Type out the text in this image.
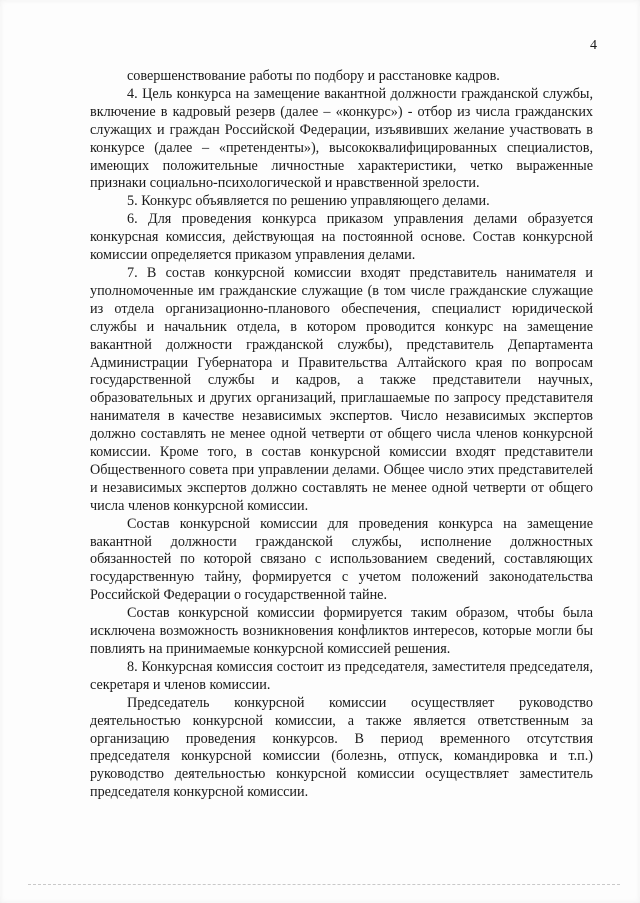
4

совершенствование работы по подбору и расстановке кадров.

4. Цель конкурса на замещение вакантной должности гражданской службы, включение в кадровый резерв (далее – «конкурс») - отбор из числа гражданских служащих и граждан Российской Федерации, изъявивших желание участвовать в конкурсе (далее – «претенденты»), высококвалифицированных специалистов, имеющих положительные личностные характеристики, четко выраженные признаки социально-психологической и нравственной зрелости.

5. Конкурс объявляется по решению управляющего делами.

6. Для проведения конкурса приказом управления делами образуется конкурсная комиссия, действующая на постоянной основе. Состав конкурсной комиссии определяется приказом управления делами.

7. В состав конкурсной комиссии входят представитель нанимателя и уполномоченные им гражданские служащие (в том числе гражданские служащие из отдела организационно-планового обеспечения, специалист юридической службы и начальник отдела, в котором проводится конкурс на замещение вакантной должности гражданской службы), представитель Департамента Администрации Губернатора и Правительства Алтайского края по вопросам государственной службы и кадров, а также представители научных, образовательных и других организаций, приглашаемые по запросу представителя нанимателя в качестве независимых экспертов. Число независимых экспертов должно составлять не менее одной четверти от общего числа членов конкурсной комиссии. Кроме того, в состав конкурсной комиссии входят представители Общественного совета при управлении делами. Общее число этих представителей и независимых экспертов должно составлять не менее одной четверти от общего числа членов конкурсной комиссии.

Состав конкурсной комиссии для проведения конкурса на замещение вакантной должности гражданской службы, исполнение должностных обязанностей по которой связано с использованием сведений, составляющих государственную тайну, формируется с учетом положений законодательства Российской Федерации о государственной тайне.

Состав конкурсной комиссии формируется таким образом, чтобы была исключена возможность возникновения конфликтов интересов, которые могли бы повлиять на принимаемые конкурсной комиссией решения.

8. Конкурсная комиссия состоит из председателя, заместителя председателя, секретаря и членов комиссии.

Председатель конкурсной комиссии осуществляет руководство деятельностью конкурсной комиссии, а также является ответственным за организацию проведения конкурсов. В период временного отсутствия председателя конкурсной комиссии (болезнь, отпуск, командировка и т.п.) руководство деятельностью конкурсной комиссии осуществляет заместитель председателя конкурсной комиссии.
